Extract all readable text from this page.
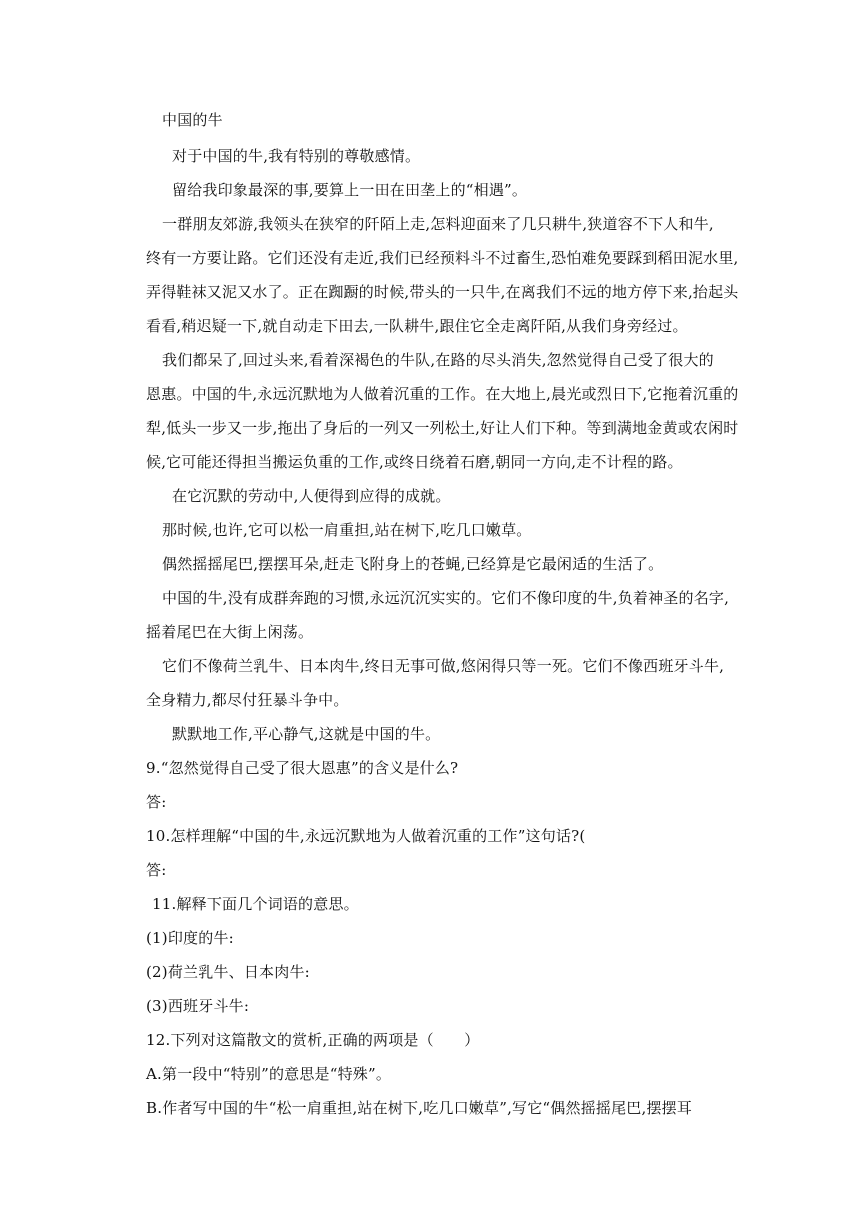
中国的牛
对于中国的牛,我有特别的尊敬感情。
留给我印象最深的事,要算上一田在田垄上的“相遇”。
一群朋友郊游,我领头在狭窄的阡陌上走,怎料迎面来了几只耕牛,狭道容不下人和牛,
终有一方要让路。它们还没有走近,我们已经预料斗不过畜生,恐怕难免要踩到稻田泥水里,
弄得鞋袜又泥又水了。正在踟蹰的时候,带头的一只牛,在离我们不远的地方停下来,抬起头
看看,稍迟疑一下,就自动走下田去,一队耕牛,跟住它全走离阡陌,从我们身旁经过。
我们都呆了,回过头来,看着深褐色的牛队,在路的尽头消失,忽然觉得自己受了很大的
恩惠。中国的牛,永远沉默地为人做着沉重的工作。在大地上,晨光或烈日下,它拖着沉重的
犁,低头一步又一步,拖出了身后的一列又一列松土,好让人们下种。等到满地金黄或农闲时
候,它可能还得担当搬运负重的工作,或终日绕着石磨,朝同一方向,走不计程的路。
在它沉默的劳动中,人便得到应得的成就。
那时候,也许,它可以松一肩重担,站在树下,吃几口嫩草。
偶然摇摇尾巴,摆摆耳朵,赶走飞附身上的苍蝇,已经算是它最闲适的生活了。
中国的牛,没有成群奔跑的习惯,永远沉沉实实的。它们不像印度的牛,负着神圣的名字,
摇着尾巴在大街上闲荡。
它们不像荷兰乳牛、日本肉牛,终日无事可做,悠闲得只等一死。它们不像西班牙斗牛,
全身精力,都尽付狂暴斗争中。
默默地工作,平心静气,这就是中国的牛。
9.“忽然觉得自己受了很大恩惠”的含义是什么?
答:
10.怎样理解“中国的牛,永远沉默地为人做着沉重的工作”这句话?(
答:
11.解释下面几个词语的意思。
(1)印度的牛:
(2)荷兰乳牛、日本肉牛:
(3)西班牙斗牛:
12.下列对这篇散文的赏析,正确的两项是（　　）
A.第一段中“特别”的意思是“特殊”。
B.作者写中国的牛“松一肩重担,站在树下,吃几口嫩草”,写它“偶然摇摇尾巴,摆摆耳
